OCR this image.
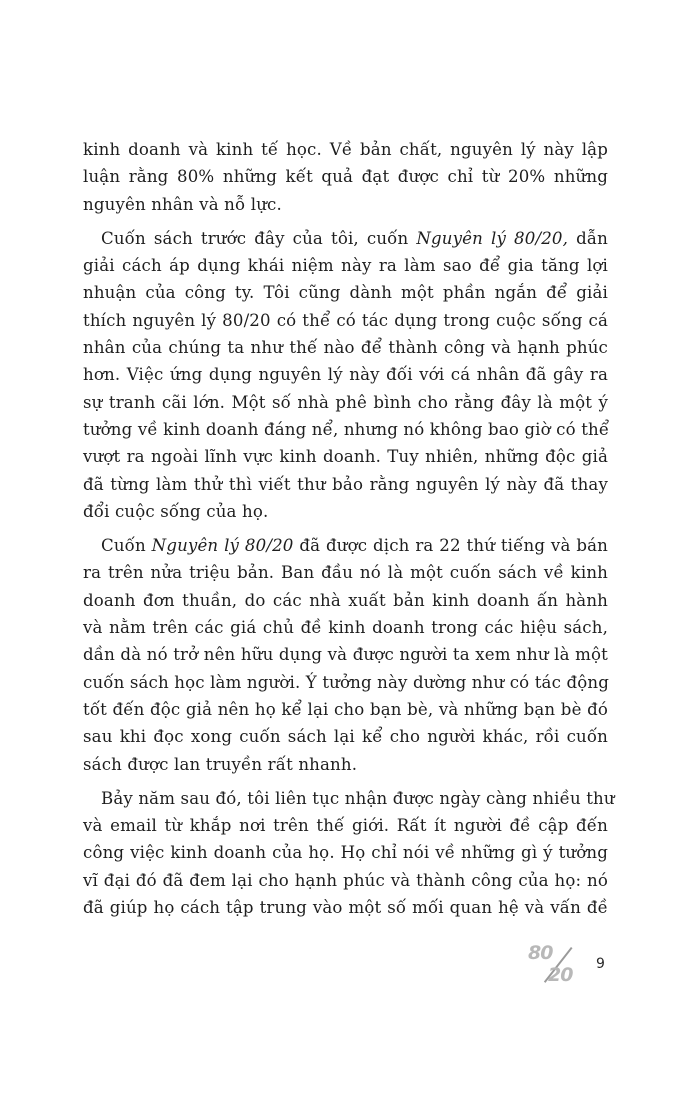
kinh doanh và kinh tế học. Về bản chất, nguyên lý này lập
luận rằng 80% những kết quả đạt được chỉ từ 20% những
nguyên nhân và nỗ lực.
Cuốn sách trước đây của tôi, cuốn Nguyên lý 80/20, dẫn
giải cách áp dụng khái niệm này ra làm sao để gia tăng lợi
nhuận của công ty. Tôi cũng dành một phần ngắn để giải
thích nguyên lý 80/20 có thể có tác dụng trong cuộc sống cá
nhân của chúng ta như thế nào để thành công và hạnh phúc
hơn. Việc ứng dụng nguyên lý này đối với cá nhân đã gây ra
sự tranh cãi lớn. Một số nhà phê bình cho rằng đây là một ý
tưởng về kinh doanh đáng nể, nhưng nó không bao giờ có thể
vượt ra ngoài lĩnh vực kinh doanh. Tuy nhiên, những độc giả
đã từng làm thử thì viết thư bảo rằng nguyên lý này đã thay
đổi cuộc sống của họ.
Cuốn Nguyên lý 80/20 đã được dịch ra 22 thứ tiếng và bán
ra trên nửa triệu bản. Ban đầu nó là một cuốn sách về kinh
doanh đơn thuần, do các nhà xuất bản kinh doanh ấn hành
và nằm trên các giá chủ đề kinh doanh trong các hiệu sách,
dần dà nó trở nên hữu dụng và được người ta xem như là một
cuốn sách học làm người. Ý tưởng này dường như có tác động
tốt đến độc giả nên họ kể lại cho bạn bè, và những bạn bè đó
sau khi đọc xong cuốn sách lại kể cho người khác, rồi cuốn
sách được lan truyền rất nhanh.
Bảy năm sau đó, tôi liên tục nhận được ngày càng nhiều thư
và email từ khắp nơi trên thế giới. Rất ít người đề cập đến
công việc kinh doanh của họ. Họ chỉ nói về những gì ý tưởng
vĩ đại đó đã đem lại cho hạnh phúc và thành công của họ: nó
đã giúp họ cách tập trung vào một số mối quan hệ và vấn đề
80
20 9
